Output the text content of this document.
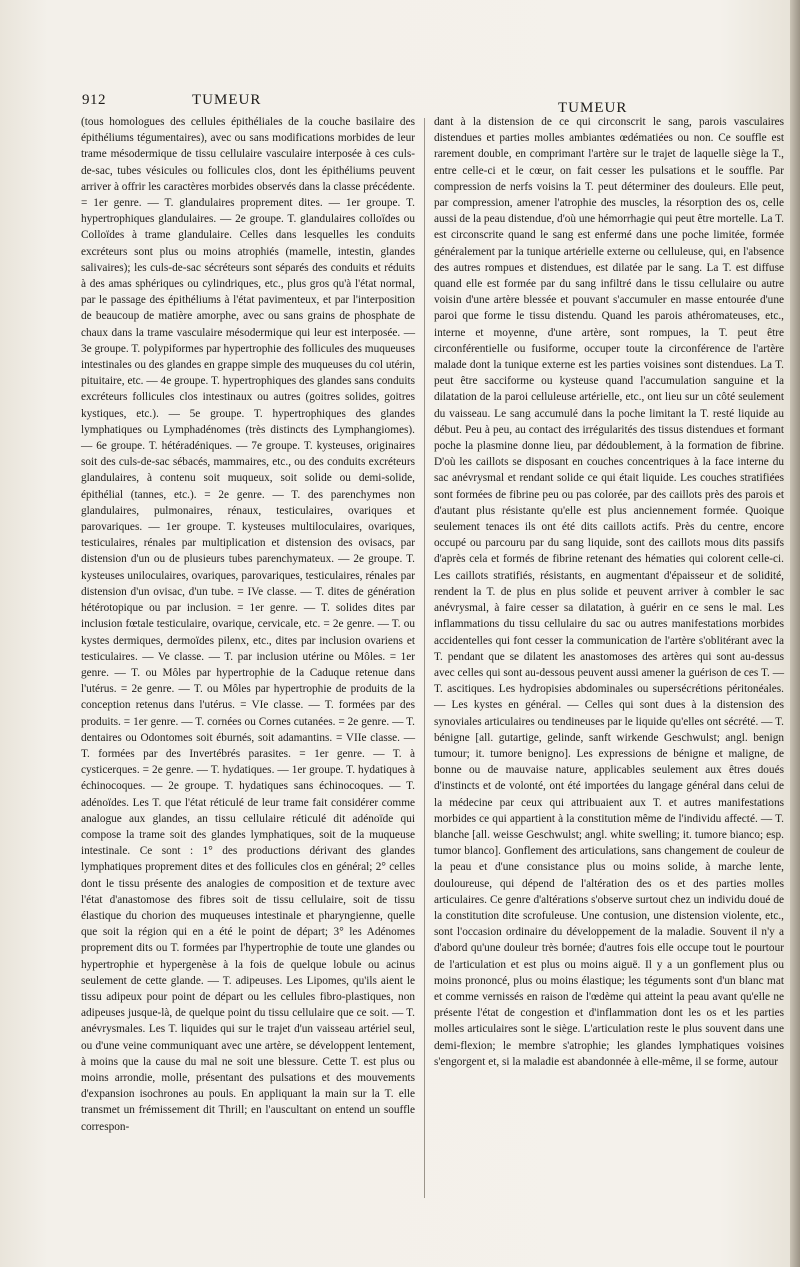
912	TUMEUR	TUMEUR

(tous homologues des cellules épithéliales de la couche basilaire des épithéliums tégumentaires), avec ou sans modifications morbides de leur trame mésodermique de tissu cellulaire vasculaire interposée à ces culs-de-sac, tubes vésicules ou follicules clos, dont les épithéliums peuvent arriver à offrir les caractères morbides observés dans la classe précédente. = 1er genre. — T. glandulaires proprement dites. — 1er groupe. T. hypertrophiques glandulaires. — 2e groupe. T. glandulaires colloïdes ou Colloïdes à trame glandulaire. Celles dans lesquelles les conduits excréteurs sont plus ou moins atrophiés (mamelle, intestin, glandes salivaires); les culs-de-sac sécréteurs sont séparés des conduits et réduits à des amas sphériques ou cylindriques, etc., plus gros qu'à l'état normal, par le passage des épithéliums à l'état pavimenteux, et par l'interposition de beaucoup de matière amorphe, avec ou sans grains de phosphate de chaux dans la trame vasculaire mésodermique qui leur est interposée. — 3e groupe. T. polypiformes par hypertrophie des follicules des muqueuses intestinales ou des glandes en grappe simple des muqueuses du col utérin, pituitaire, etc. — 4e groupe. T. hypertrophiques des glandes sans conduits excréteurs follicules clos intestinaux ou autres (goitres solides, goitres kystiques, etc.). — 5e groupe. T. hypertrophiques des glandes lymphatiques ou Lymphadénomes (très distincts des Lymphangiomes). — 6e groupe. T. hétéradéniques. — 7e groupe. T. kysteuses, originaires soit des culs-de-sac sébacés, mammaires, etc., ou des conduits excréteurs glandulaires, à contenu soit muqueux, soit solide ou demi-solide, épithélial (tannes, etc.). = 2e genre. — T. des parenchymes non glandulaires, pulmonaires, rénaux, testiculaires, ovariques et parovariques. — 1er groupe. T. kysteuses multiloculaires, ovariques, testiculaires, rénales par multiplication et distension des ovisacs, par distension d'un ou de plusieurs tubes parenchymateux. — 2e groupe. T. kysteuses uniloculaires, ovariques, parovariques, testiculaires, rénales par distension d'un ovisac, d'un tube. = IVe classe. — T. dites de génération hétérotopique ou par inclusion. = 1er genre. — T. solides dites par inclusion fœtale testiculaire, ovarique, cervicale, etc. = 2e genre. — T. ou kystes dermiques, dermoïdes pilenx, etc., dites par inclusion ovariens et testiculaires. — Ve classe. — T. par inclusion utérine ou Môles. = 1er genre. — T. ou Môles par hypertrophie de la Caduque retenue dans l'utérus. = 2e genre. — T. ou Môles par hypertrophie de produits de la conception retenus dans l'utérus. = VIe classe. — T. formées par des produits. = 1er genre. — T. cornées ou Cornes cutanées. = 2e genre. — T. dentaires ou Odontomes soit éburnés, soit adamantins. = VIIe classe. — T. formées par des Invertébrés parasites. = 1er genre. — T. à cysticerques. = 2e genre. — T. hydatiques. — 1er groupe. T. hydatiques à échinocoques. — 2e groupe. T. hydatiques sans échinocoques. — T. adénoïdes. Les T. que l'état réticulé de leur trame fait considérer comme analogue aux glandes, an tissu cellulaire réticulé dit adénoïde qui compose la trame soit des glandes lymphatiques, soit de la muqueuse intestinale. Ce sont : 1° des productions dérivant des glandes lymphatiques proprement dites et des follicules clos en général; 2° celles dont le tissu présente des analogies de composition et de texture avec l'état d'anastomose des fibres soit de tissu cellulaire, soit de tissu élastique du chorion des muqueuses intestinale et pharyngienne, quelle que soit la région qui en a été le point de départ; 3° les Adénomes proprement dits ou T. formées par l'hypertrophie de toute une glandes ou hypertrophie et hypergenèse à la fois de quelque lobule ou acinus seulement de cette glande. — T. adipeuses. Les Lipomes, qu'ils aient le tissu adipeux pour point de départ ou les cellules fibro-plastiques, non adipeuses jusque-là, de quelque point du tissu cellulaire que ce soit. — T. anévrysmales. Les T. liquides qui sur le trajet d'un vaisseau artériel seul, ou d'une veine communiquant avec une artère, se développent lentement, à moins que la cause du mal ne soit une blessure. Cette T. est plus ou moins arrondie, molle, présentant des pulsations et des mouvements d'expansion isochrones au pouls. En appliquant la main sur la T. elle transmet un frémissement dit Thrill; en l'auscultant on entend un souffle correspon-

dant à la distension de ce qui circonscrit le sang, parois vasculaires distendues et parties molles ambiantes œdématiées ou non. Ce souffle est rarement double, en comprimant l'artère sur le trajet de laquelle siège la T., entre celle-ci et le cœur, on fait cesser les pulsations et le souffle. Par compression de nerfs voisins la T. peut déterminer des douleurs. Elle peut, par compression, amener l'atrophie des muscles, la résorption des os, celle aussi de la peau distendue, d'où une hémorrhagie qui peut être mortelle. La T. est circonscrite quand le sang est enfermé dans une poche limitée, formée généralement par la tunique artérielle externe ou celluleuse, qui, en l'absence des autres rompues et distendues, est dilatée par le sang. La T. est diffuse quand elle est formée par du sang infiltré dans le tissu cellulaire ou autre voisin d'une artère blessée et pouvant s'accumuler en masse entourée d'une paroi que forme le tissu distendu. Quand les parois athéromateuses, etc., interne et moyenne, d'une artère, sont rompues, la T. peut être circonférentielle ou fusiforme, occuper toute la circonférence de l'artère malade dont la tunique externe est les parties voisines sont distendues. La T. peut être sacciforme ou kysteuse quand l'accumulation sanguine et la dilatation de la paroi celluleuse artérielle, etc., ont lieu sur un côté seulement du vaisseau. Le sang accumulé dans la poche limitant la T. resté liquide au début. Peu à peu, au contact des irrégularités des tissus distendues et formant poche la plasmine donne lieu, par dédoublement, à la formation de fibrine. D'où les caillots se disposant en couches concentriques à la face interne du sac anévrysmal et rendant solide ce qui était liquide. Les couches stratifiées sont formées de fibrine peu ou pas colorée, par des caillots près des parois et d'autant plus résistante qu'elle est plus anciennement formée. Quoique seulement tenaces ils ont été dits caillots actifs. Près du centre, encore occupé ou parcouru par du sang liquide, sont des caillots mous dits passifs d'après cela et formés de fibrine retenant des hématies qui colorent celle-ci. Les caillots stratifiés, résistants, en augmentant d'épaisseur et de solidité, rendent la T. de plus en plus solide et peuvent arriver à combler le sac anévrysmal, à faire cesser sa dilatation, à guérir en ce sens le mal. Les inflammations du tissu cellulaire du sac ou autres manifestations morbides accidentelles qui font cesser la communication de l'artère s'oblitérant avec la T. pendant que se dilatent les anastomoses des artères qui sont au-dessus avec celles qui sont au-dessous peuvent aussi amener la guérison de ces T. — T. ascitiques. Les hydropisies abdominales ou supersécrétions péritonéales. — Les kystes en général. — Celles qui sont dues à la distension des synoviales articulaires ou tendineuses par le liquide qu'elles ont sécrété. — T. bénigne [all. gutartige, gelinde, sanft wirkende Geschwulst; angl. benign tumour; it. tumore benigno]. Les expressions de bénigne et maligne, de bonne ou de mauvaise nature, applicables seulement aux êtres doués d'instincts et de volonté, ont été importées du langage général dans celui de la médecine par ceux qui attribuaient aux T. et autres manifestations morbides ce qui appartient à la constitution même de l'individu affecté. — T. blanche [all. weisse Geschwulst; angl. white swelling; it. tumore bianco; esp. tumor blanco]. Gonflement des articulations, sans changement de couleur de la peau et d'une consistance plus ou moins solide, à marche lente, douloureuse, qui dépend de l'altération des os et des parties molles articulaires. Ce genre d'altérations s'observe surtout chez un individu doué de la constitution dite scrofuleuse. Une contusion, une distension violente, etc., sont l'occasion ordinaire du développement de la maladie. Souvent il n'y a d'abord qu'une douleur très bornée; d'autres fois elle occupe tout le pourtour de l'articulation et est plus ou moins aiguë. Il y a un gonflement plus ou moins prononcé, plus ou moins élastique; les téguments sont d'un blanc mat et comme vernissés en raison de l'œdème qui atteint la peau avant qu'elle ne présente l'état de congestion et d'inflammation dont les os et les parties molles articulaires sont le siège. L'articulation reste le plus souvent dans une demi-flexion; le membre s'atrophie; les glandes lymphatiques voisines s'engorgent et, si la maladie est abandonnée à elle-même, il se forme, autour
